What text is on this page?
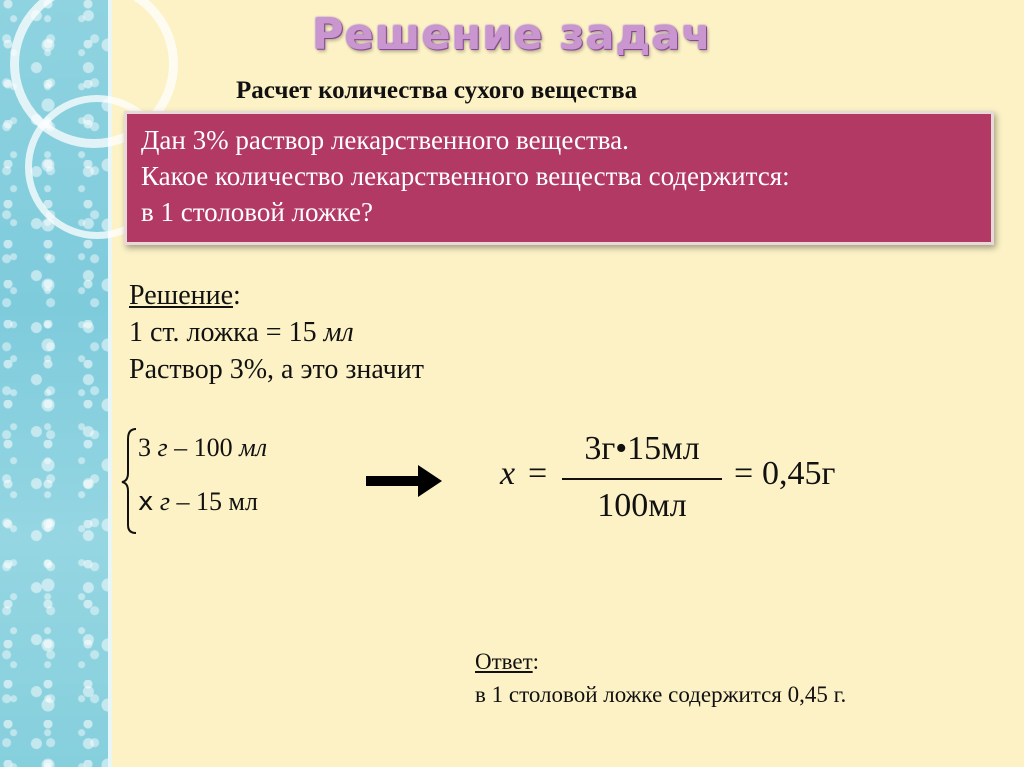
Решение задач
Расчет количества сухого вещества
Дан 3% раствор лекарственного вещества.
Какое количество лекарственного вещества содержится:
в 1 столовой ложке?
Решение:
1 ст. ложка = 15 мл
Раствор 3%, а это значит
3 г – 100 мл
x г – 15 мл
x =
3г•15мл
100мл
= 0,45г
Ответ:
в 1 столовой ложке содержится 0,45 г.
